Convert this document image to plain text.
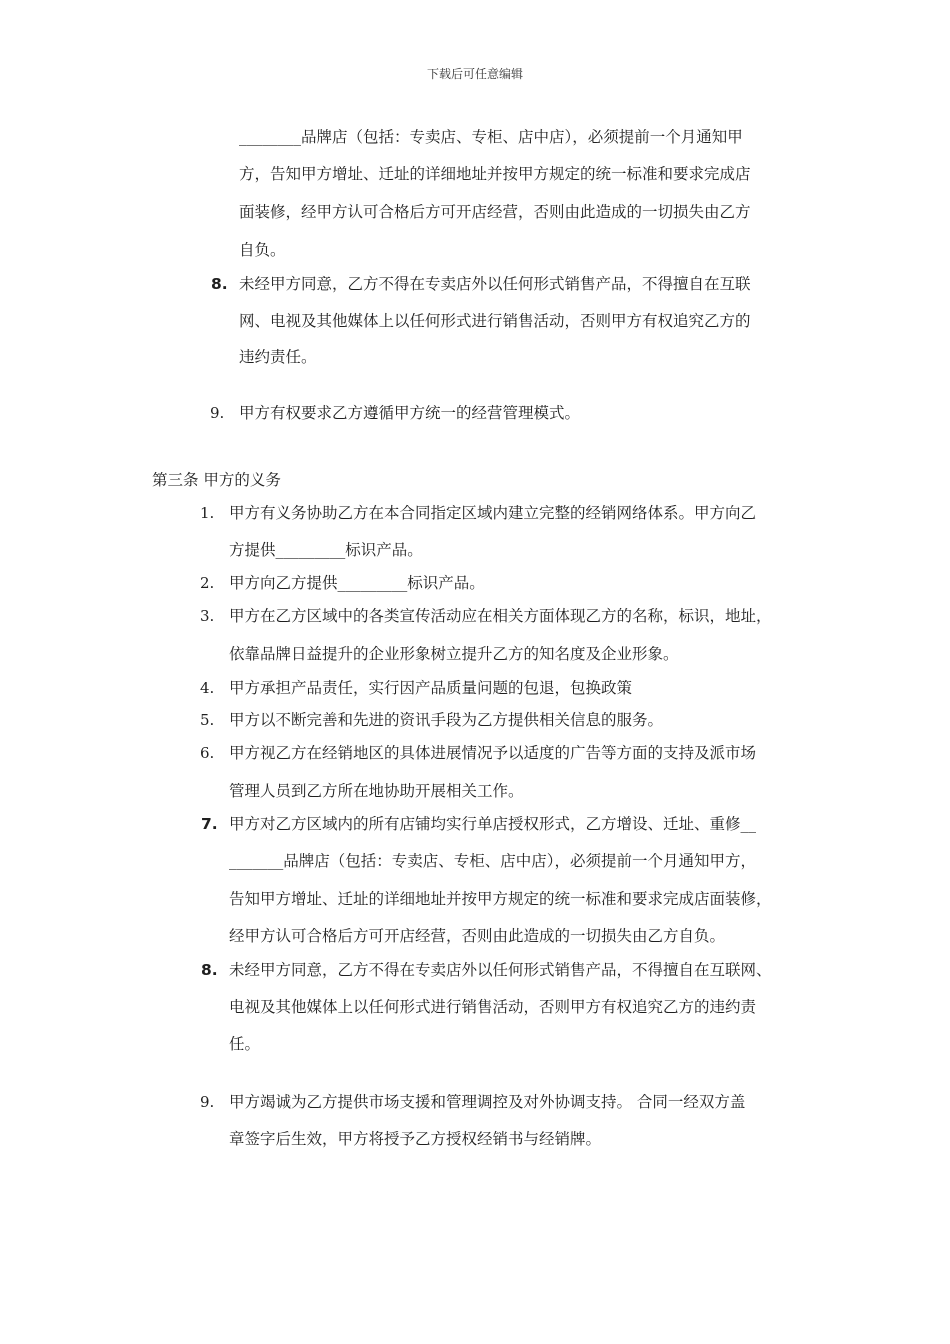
下载后可任意编辑
________品牌店（包括：专卖店、专柜、店中店），必须提前一个月通知甲
方，告知甲方增址、迁址的详细地址并按甲方规定的统一标准和要求完成店
面装修，经甲方认可合格后方可开店经营，否则由此造成的一切损失由乙方
自负。
8. 未经甲方同意，乙方不得在专卖店外以任何形式销售产品，不得擅自在互联
网、电视及其他媒体上以任何形式进行销售活动，否则甲方有权追究乙方的
违约责任。
9. 甲方有权要求乙方遵循甲方统一的经营管理模式。
第三条 甲方的义务
1. 甲方有义务协助乙方在本合同指定区域内建立完整的经销网络体系。甲方向乙
方提供_________标识产品。
2. 甲方向乙方提供_________标识产品。
3. 甲方在乙方区域中的各类宣传活动应在相关方面体现乙方的名称，标识，地址，
依靠品牌日益提升的企业形象树立提升乙方的知名度及企业形象。
4. 甲方承担产品责任，实行因产品质量问题的包退，包换政策
5. 甲方以不断完善和先进的资讯手段为乙方提供相关信息的服务。
6. 甲方视乙方在经销地区的具体进展情况予以适度的广告等方面的支持及派市场
管理人员到乙方所在地协助开展相关工作。
7. 甲方对乙方区域内的所有店铺均实行单店授权形式，乙方增设、迁址、重修__
_______品牌店（包括：专卖店、专柜、店中店），必须提前一个月通知甲方，
告知甲方增址、迁址的详细地址并按甲方规定的统一标准和要求完成店面装修，
经甲方认可合格后方可开店经营，否则由此造成的一切损失由乙方自负。
8. 未经甲方同意，乙方不得在专卖店外以任何形式销售产品，不得擅自在互联网、
电视及其他媒体上以任何形式进行销售活动，否则甲方有权追究乙方的违约责
任。
9. 甲方竭诚为乙方提供市场支援和管理调控及对外协调支持。 合同一经双方盖
章签字后生效，甲方将授予乙方授权经销书与经销牌。
